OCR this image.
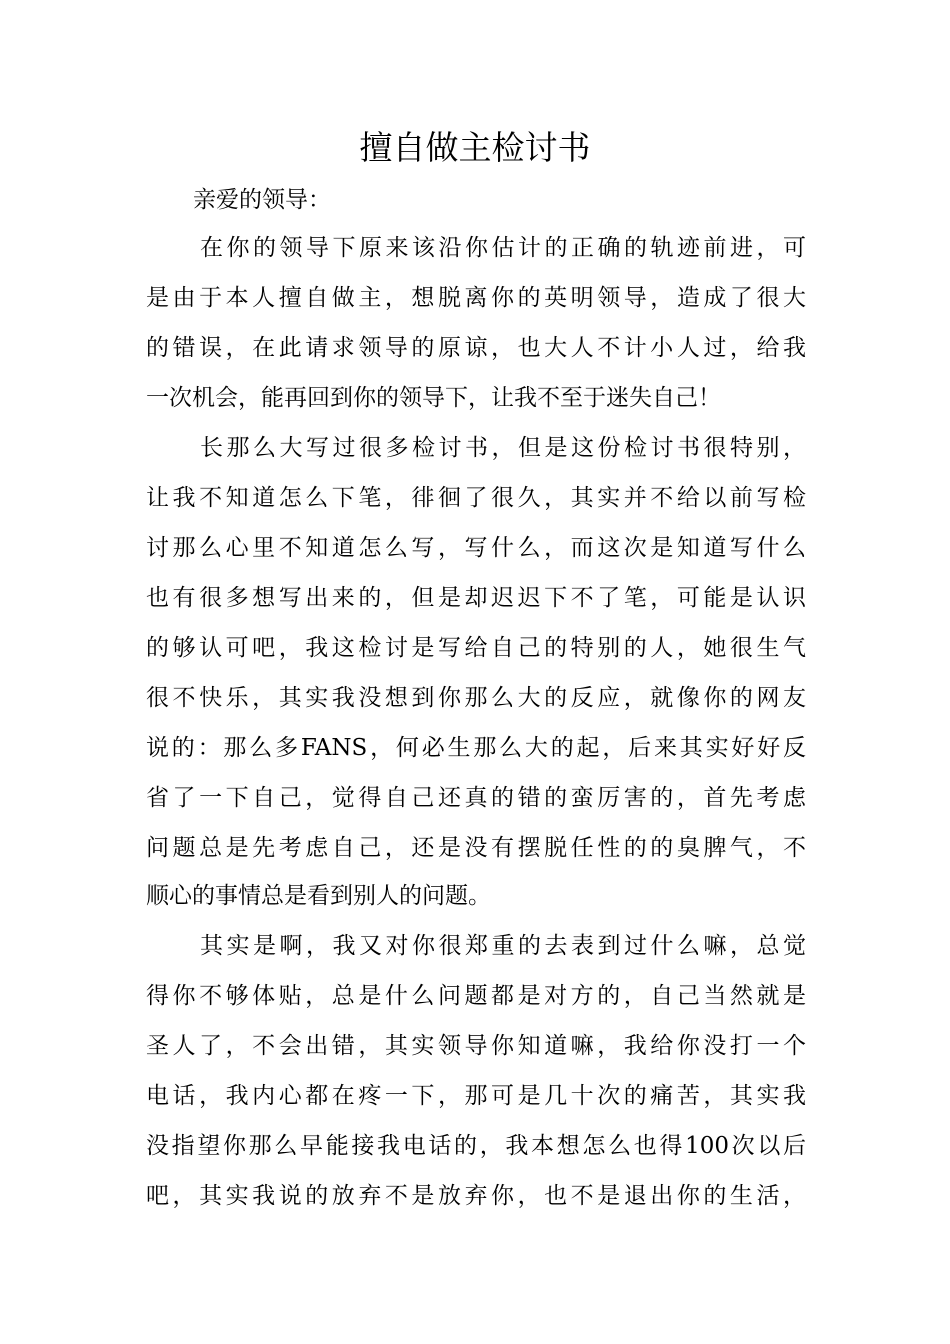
擅自做主检讨书

亲爱的领导：

在你的领导下原来该沿你估计的正确的轨迹前进，可

是由于本人擅自做主，想脱离你的英明领导，造成了很大

的错误，在此请求领导的原谅，也大人不计小人过，给我

一次机会，能再回到你的领导下，让我不至于迷失自己！

长那么大写过很多检讨书，但是这份检讨书很特别，

让我不知道怎么下笔，徘徊了很久，其实并不给以前写检

讨那么心里不知道怎么写，写什么，而这次是知道写什么

也有很多想写出来的，但是却迟迟下不了笔，可能是认识

的够认可吧，我这检讨是写给自己的特别的人，她很生气

很不快乐，其实我没想到你那么大的反应，就像你的网友

说的：那么多FANS，何必生那么大的起，后来其实好好反

省了一下自己，觉得自己还真的错的蛮厉害的，首先考虑

问题总是先考虑自己，还是没有摆脱任性的的臭脾气，不

顺心的事情总是看到别人的问题。

其实是啊，我又对你很郑重的去表到过什么嘛，总觉

得你不够体贴，总是什么问题都是对方的，自己当然就是

圣人了，不会出错，其实领导你知道嘛，我给你没打一个

电话，我内心都在疼一下，那可是几十次的痛苦，其实我

没指望你那么早能接我电话的，我本想怎么也得100次以后

吧，其实我说的放弃不是放弃你，也不是退出你的生活，
